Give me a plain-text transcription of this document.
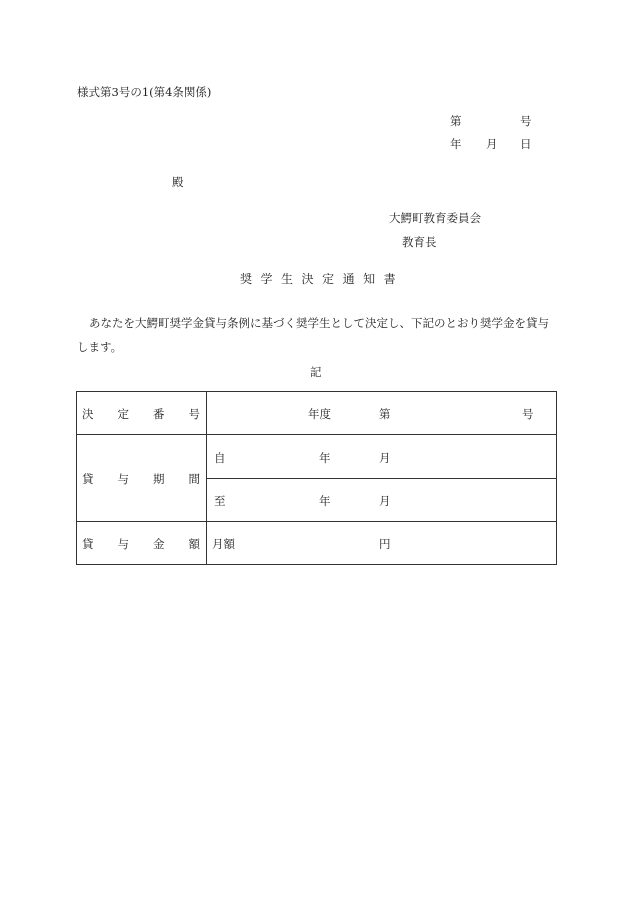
様式第3号の1(第4条関係)
第	号
年 月 日
殿
大鰐町教育委員会
教育長
奨学生決定通知書
あなたを大鰐町奨学金貸与条例に基づく奨学生として決定し、下記のとおり奨学金を貸与します。
記
決 定 番 号	年度	第	号
貸 与 期 間
自	年	月
至	年	月
貸 与 金 額 月額	円
